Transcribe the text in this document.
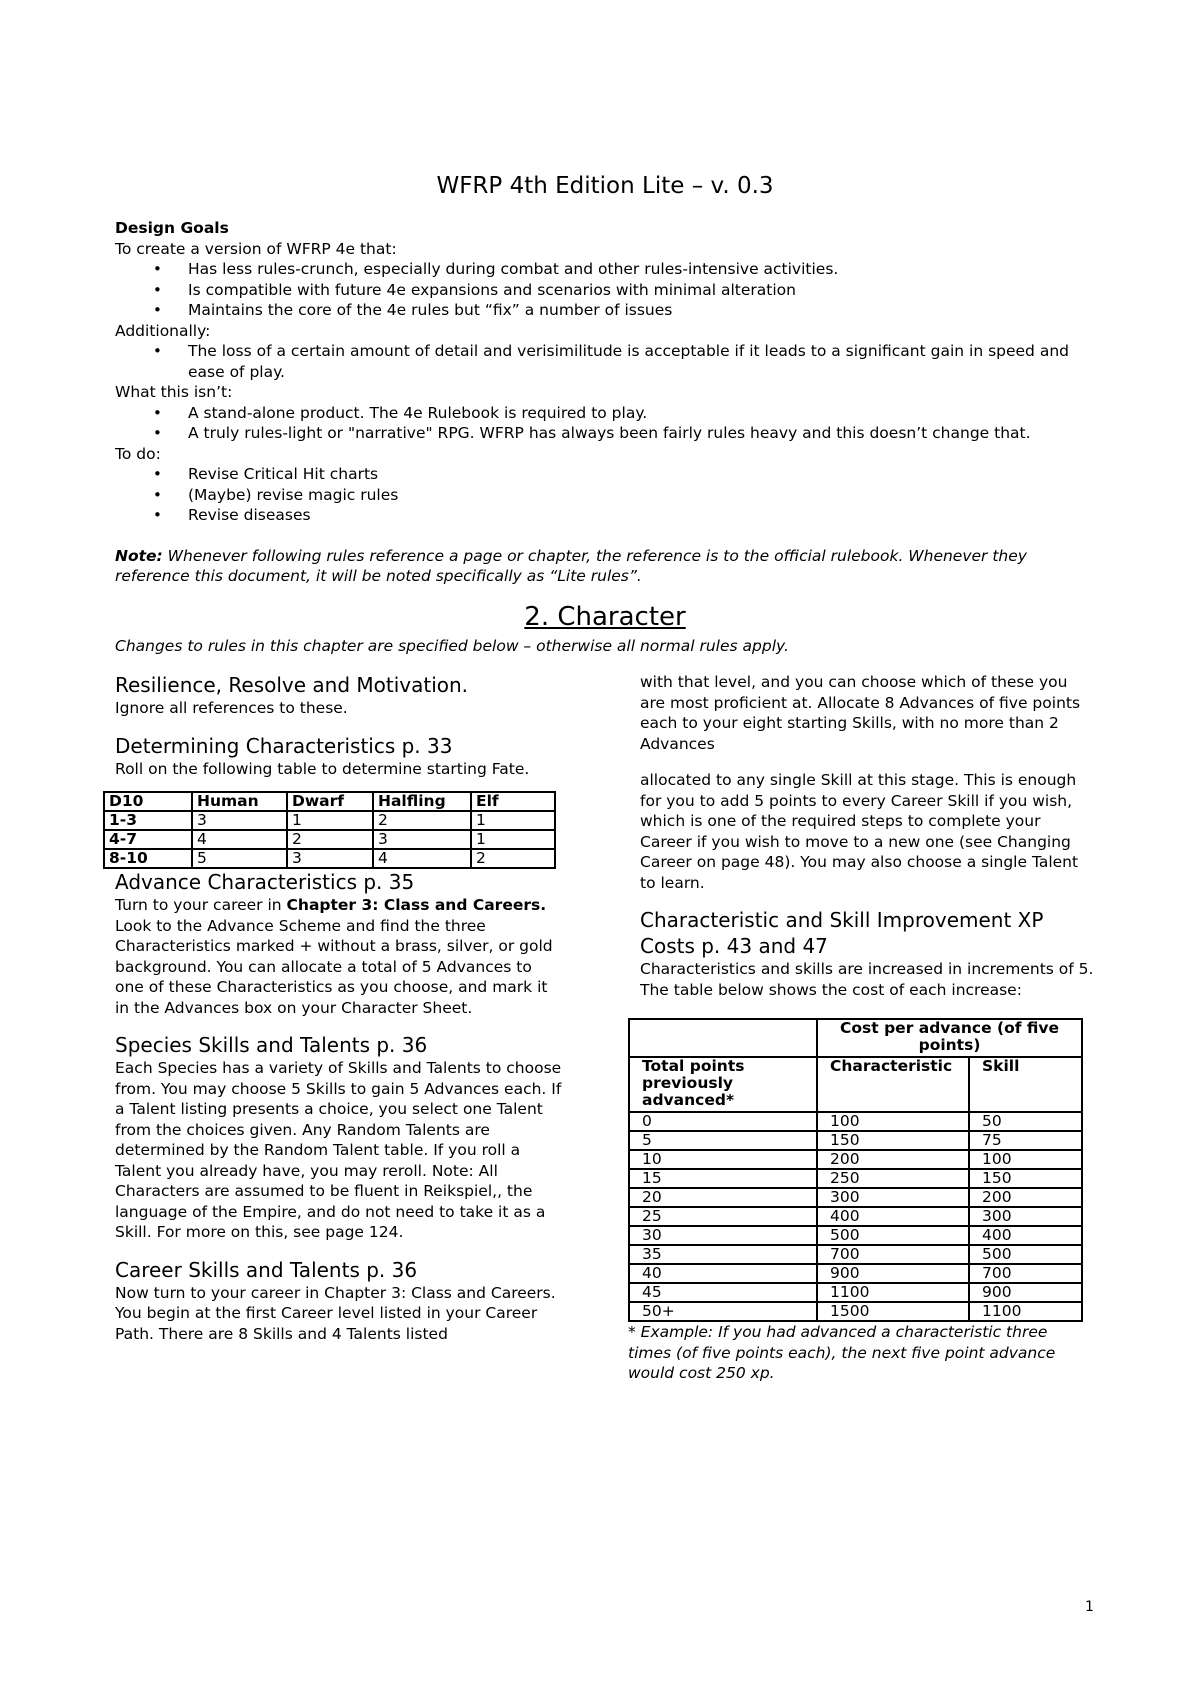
WFRP 4th Edition Lite – v. 0.3
Design Goals
To create a version of WFRP 4e that:
• Has less rules-crunch, especially during combat and other rules-intensive activities.
• Is compatible with future 4e expansions and scenarios with minimal alteration
• Maintains the core of the 4e rules but “fix” a number of issues
Additionally:
• The loss of a certain amount of detail and verisimilitude is acceptable if it leads to a significant gain in speed and ease of play.
What this isn’t:
• A stand-alone product. The 4e Rulebook is required to play.
• A truly rules-light or "narrative" RPG. WFRP has always been fairly rules heavy and this doesn’t change that.
To do:
• Revise Critical Hit charts
• (Maybe) revise magic rules
• Revise diseases
Note: Whenever following rules reference a page or chapter, the reference is to the official rulebook. Whenever they reference this document, it will be noted specifically as “Lite rules”.
2. Character
Changes to rules in this chapter are specified below – otherwise all normal rules apply.
Resilience, Resolve and Motivation.

Ignore all references to these.

Determining Characteristics p. 33

Roll on the following table to determine starting Fate.

D10	Human	Dwarf	Halfling	Elf
1-3	3	1	2	1
4-7	4	2	3	1
8-10	5	3	4	2
Advance Characteristics p. 35

Turn to your career in Chapter 3: Class and Careers. Look to the Advance Scheme and find the three Characteristics marked + without a brass, silver, or gold background. You can allocate a total of 5 Advances to one of these Characteristics as you choose, and mark it in the Advances box on your Character Sheet.

Species Skills and Talents p. 36

Each Species has a variety of Skills and Talents to choose from. You may choose 5 Skills to gain 5 Advances each. If a Talent listing presents a choice, you select one Talent from the choices given. Any Random Talents are determined by the Random Talent table. If you roll a Talent you already have, you may reroll. Note: All Characters are assumed to be fluent in Reikspiel,, the language of the Empire, and do not need to take it as a Skill. For more on this, see page 124.

Career Skills and Talents p. 36

Now turn to your career in Chapter 3: Class and Careers. You begin at the first Career level listed in your Career Path. There are 8 Skills and 4 Talents listed

with that level, and you can choose which of these you are most proficient at. Allocate 8 Advances of five points each to your eight starting Skills, with no more than 2 Advances

allocated to any single Skill at this stage. This is enough for you to add 5 points to every Career Skill if you wish, which is one of the required steps to complete your Career if you wish to move to a new one (see Changing Career on page 48). You may also choose a single Talent to learn.

Characteristic and Skill Improvement XP Costs p. 43 and 47

Characteristics and skills are increased in increments of 5. The table below shows the cost of each increase:

	Cost per advance (of five points)	
Total points previously advanced*	Characteristic	Skill
0	100	50
5	150	75
10	200	100
15	250	150
20	300	200
25	400	300
30	500	400
35	700	500
40	900	700
45	1100	900
50+	1500	1100

* Example: If you had advanced a characteristic three times (of five points each), the next five point advance would cost 250 xp.

1
